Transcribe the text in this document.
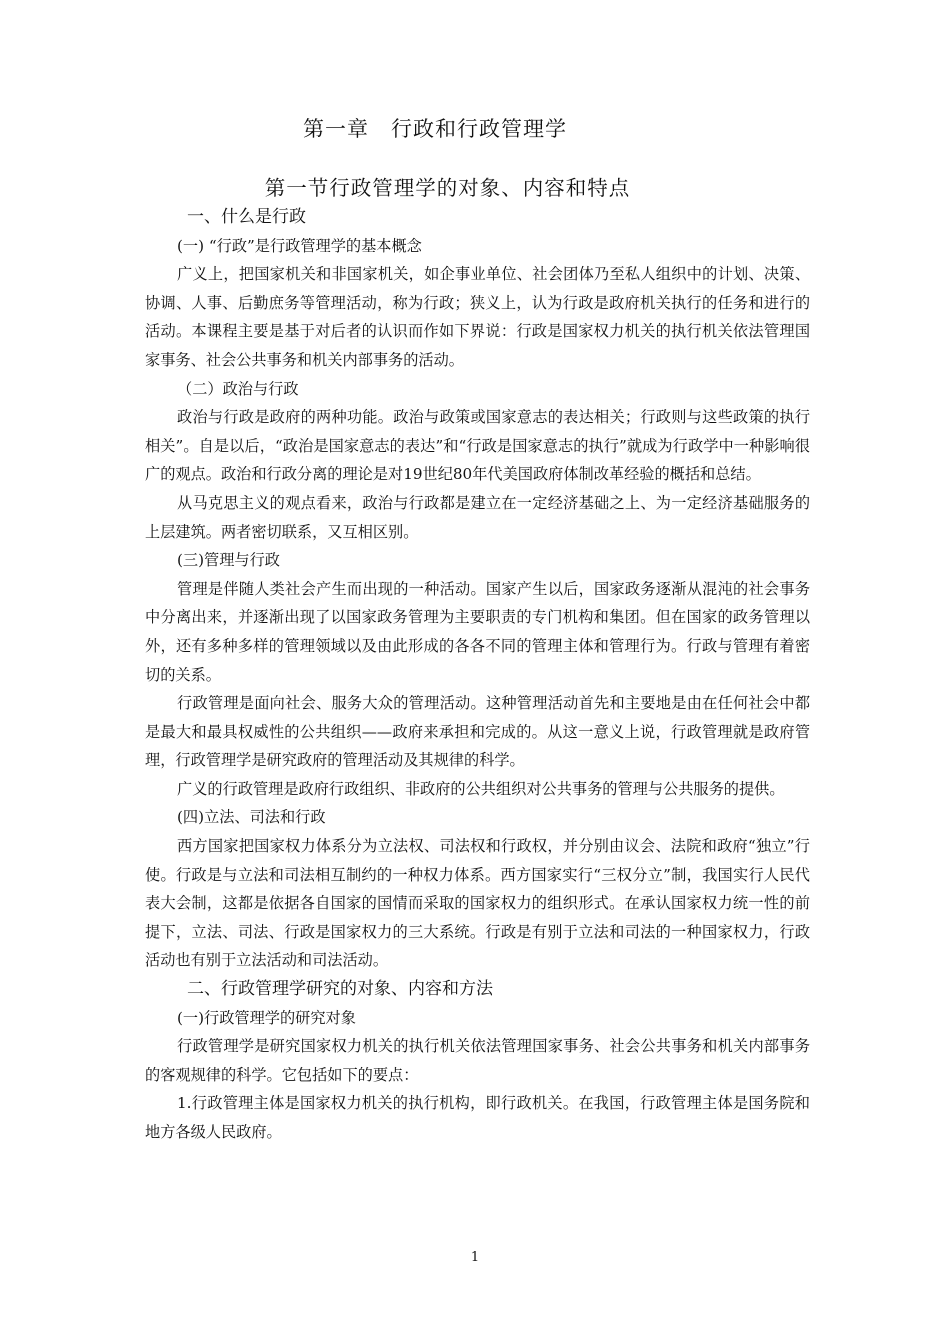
第一章　行政和行政管理学
第一节行政管理学的对象、内容和特点

一、什么是行政

(一) “行政”是行政管理学的基本概念

广义上，把国家机关和非国家机关，如企事业单位、社会团体乃至私人组织中的计划、决策、协调、人事、后勤庶务等管理活动，称为行政；狭义上，认为行政是政府机关执行的任务和进行的活动。本课程主要是基于对后者的认识而作如下界说：行政是国家权力机关的执行机关依法管理国家事务、社会公共事务和机关内部事务的活动。

（二）政治与行政

政治与行政是政府的两种功能。政治与政策或国家意志的表达相关；行政则与这些政策的执行相关”。自是以后，“政治是国家意志的表达”和“行政是国家意志的执行”就成为行政学中一种影响很广的观点。政治和行政分离的理论是对19世纪80年代美国政府体制改革经验的概括和总结。

从马克思主义的观点看来，政治与行政都是建立在一定经济基础之上、为一定经济基础服务的上层建筑。两者密切联系，又互相区别。

(三)管理与行政

管理是伴随人类社会产生而出现的一种活动。国家产生以后，国家政务逐渐从混沌的社会事务中分离出来，并逐渐出现了以国家政务管理为主要职责的专门机构和集团。但在国家的政务管理以外，还有多种多样的管理领域以及由此形成的各各不同的管理主体和管理行为。行政与管理有着密切的关系。

行政管理是面向社会、服务大众的管理活动。这种管理活动首先和主要地是由在任何社会中都是最大和最具权威性的公共组织——政府来承担和完成的。从这一意义上说，行政管理就是政府管理，行政管理学是研究政府的管理活动及其规律的科学。

广义的行政管理是政府行政组织、非政府的公共组织对公共事务的管理与公共服务的提供。

(四)立法、司法和行政

西方国家把国家权力体系分为立法权、司法权和行政权，并分别由议会、法院和政府“独立”行使。行政是与立法和司法相互制约的一种权力体系。西方国家实行“三权分立”制，我国实行人民代表大会制，这都是依据各自国家的国情而采取的国家权力的组织形式。在承认国家权力统一性的前提下，立法、司法、行政是国家权力的三大系统。行政是有别于立法和司法的一种国家权力，行政活动也有别于立法活动和司法活动。

二、行政管理学研究的对象、内容和方法

(一)行政管理学的研究对象

行政管理学是研究国家权力机关的执行机关依法管理国家事务、社会公共事务和机关内部事务的客观规律的科学。它包括如下的要点：

1.行政管理主体是国家权力机关的执行机构，即行政机关。在我国，行政管理主体是国务院和地方各级人民政府。

1
